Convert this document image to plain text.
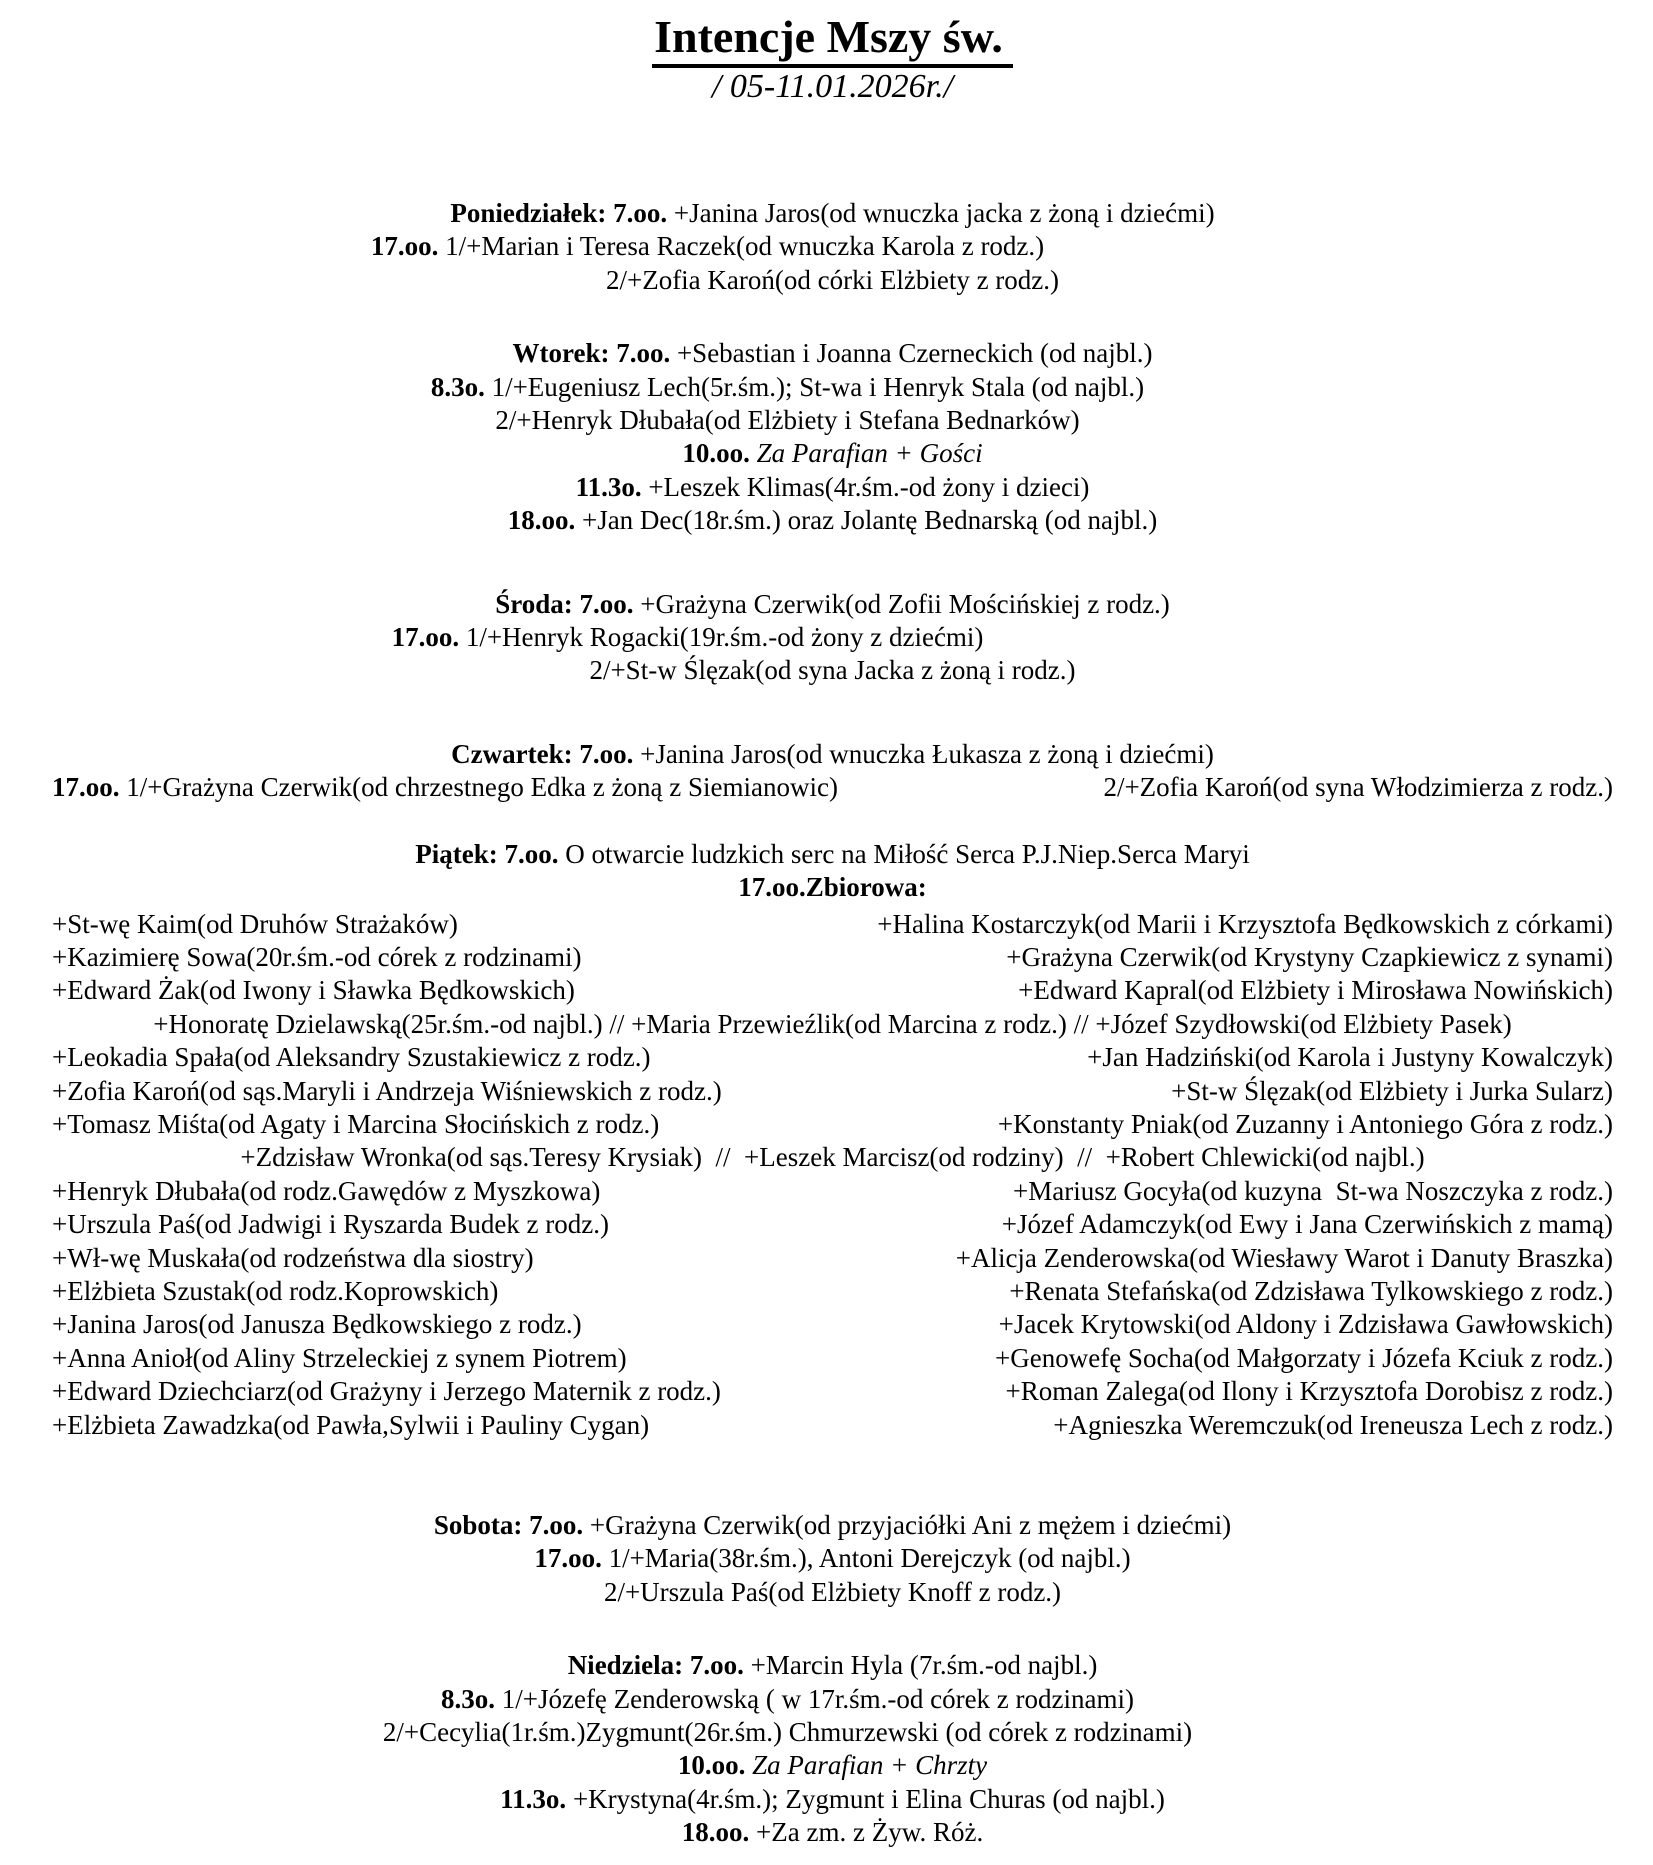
Intencje Mszy św.
/ 05-11.01.2026r./
Poniedziałek: 7.oo. +Janina Jaros(od wnuczka jacka z żoną i dziećmi)
17.oo. 1/+Marian i Teresa Raczek(od wnuczka Karola z rodz.)
2/+Zofia Karoń(od córki Elżbiety z rodz.)
Wtorek: 7.oo. +Sebastian i Joanna Czerneckich (od najbl.)
8.3o. 1/+Eugeniusz Lech(5r.śm.); St-wa i Henryk Stala (od najbl.)
2/+Henryk Dłubała(od Elżbiety i Stefana Bednarków)
10.oo. Za Parafian + Gości
11.3o. +Leszek Klimas(4r.śm.-od żony i dzieci)
18.oo. +Jan Dec(18r.śm.) oraz Jolantę Bednarską (od najbl.)
Środa: 7.oo. +Grażyna Czerwik(od Zofii Mościńskiej z rodz.)
17.oo. 1/+Henryk Rogacki(19r.śm.-od żony z dziećmi)
2/+St-w Ślęzak(od syna Jacka z żoną i rodz.)
Czwartek: 7.oo. +Janina Jaros(od wnuczka Łukasza z żoną i dziećmi)
17.oo. 1/+Grażyna Czerwik(od chrzestnego Edka z żoną z Siemianowic)	2/+Zofia Karoń(od syna Włodzimierza z rodz.)
Piątek: 7.oo. O otwarcie ludzkich serc na Miłość Serca P.J.Niep.Serca Maryi
17.oo.Zbiorowa:
+St-wę Kaim(od Druhów Strażaków)	+Halina Kostarczyk(od Marii i Krzysztofa Będkowskich z córkami)
+Kazimierę Sowa(20r.śm.-od córek z rodzinami)	+Grażyna Czerwik(od Krystyny Czapkiewicz z synami)
+Edward Żak(od Iwony i Sławka Będkowskich)	+Edward Kapral(od Elżbiety i Mirosława Nowińskich)
+Honoratę Dzielawską(25r.śm.-od najbl.) // +Maria Przewieźlik(od Marcina z rodz.) // +Józef Szydłowski(od Elżbiety Pasek)
+Leokadia Spała(od Aleksandry Szustakiewicz z rodz.)	+Jan Hadziński(od Karola i Justyny Kowalczyk)
+Zofia Karoń(od sąs.Maryli i Andrzeja Wiśniewskich z rodz.)	+St-w Ślęzak(od Elżbiety i Jurka Sularz)
+Tomasz Miśta(od Agaty i Marcina Słocińskich z rodz.)	+Konstanty Pniak(od Zuzanny i Antoniego Góra z rodz.)
+Zdzisław Wronka(od sąs.Teresy Krysiak)  //  +Leszek Marcisz(od rodziny)  //  +Robert Chlewicki(od najbl.)
+Henryk Dłubała(od rodz.Gawędów z Myszkowa)	+Mariusz Gocyła(od kuzyna  St-wa Noszczyka z rodz.)
+Urszula Paś(od Jadwigi i Ryszarda Budek z rodz.)	+Józef Adamczyk(od Ewy i Jana Czerwińskich z mamą)
+Wł-wę Muskała(od rodzeństwa dla siostry)	+Alicja Zenderowska(od Wiesławy Warot i Danuty Braszka)
+Elżbieta Szustak(od rodz.Koprowskich)	+Renata Stefańska(od Zdzisława Tylkowskiego z rodz.)
+Janina Jaros(od Janusza Będkowskiego z rodz.)	+Jacek Krytowski(od Aldony i Zdzisława Gawłowskich)
+Anna Anioł(od Aliny Strzeleckiej z synem Piotrem)	+Genowefę Socha(od Małgorzaty i Józefa Kciuk z rodz.)
+Edward Dziechciarz(od Grażyny i Jerzego Maternik z rodz.)	+Roman Zalega(od Ilony i Krzysztofa Dorobisz z rodz.)
+Elżbieta Zawadzka(od Pawła,Sylwii i Pauliny Cygan)	+Agnieszka Weremczuk(od Ireneusza Lech z rodz.)
Sobota: 7.oo. +Grażyna Czerwik(od przyjaciółki Ani z mężem i dziećmi)
17.oo. 1/+Maria(38r.śm.), Antoni Derejczyk (od najbl.)
2/+Urszula Paś(od Elżbiety Knoff z rodz.)
Niedziela: 7.oo. +Marcin Hyla (7r.śm.-od najbl.)
8.3o. 1/+Józefę Zenderowską ( w 17r.śm.-od córek z rodzinami)
2/+Cecylia(1r.śm.)Zygmunt(26r.śm.) Chmurzewski (od córek z rodzinami)
10.oo. Za Parafian + Chrzty
11.3o. +Krystyna(4r.śm.); Zygmunt i Elina Churas (od najbl.)
18.oo. +Za zm. z Żyw. Róż.
